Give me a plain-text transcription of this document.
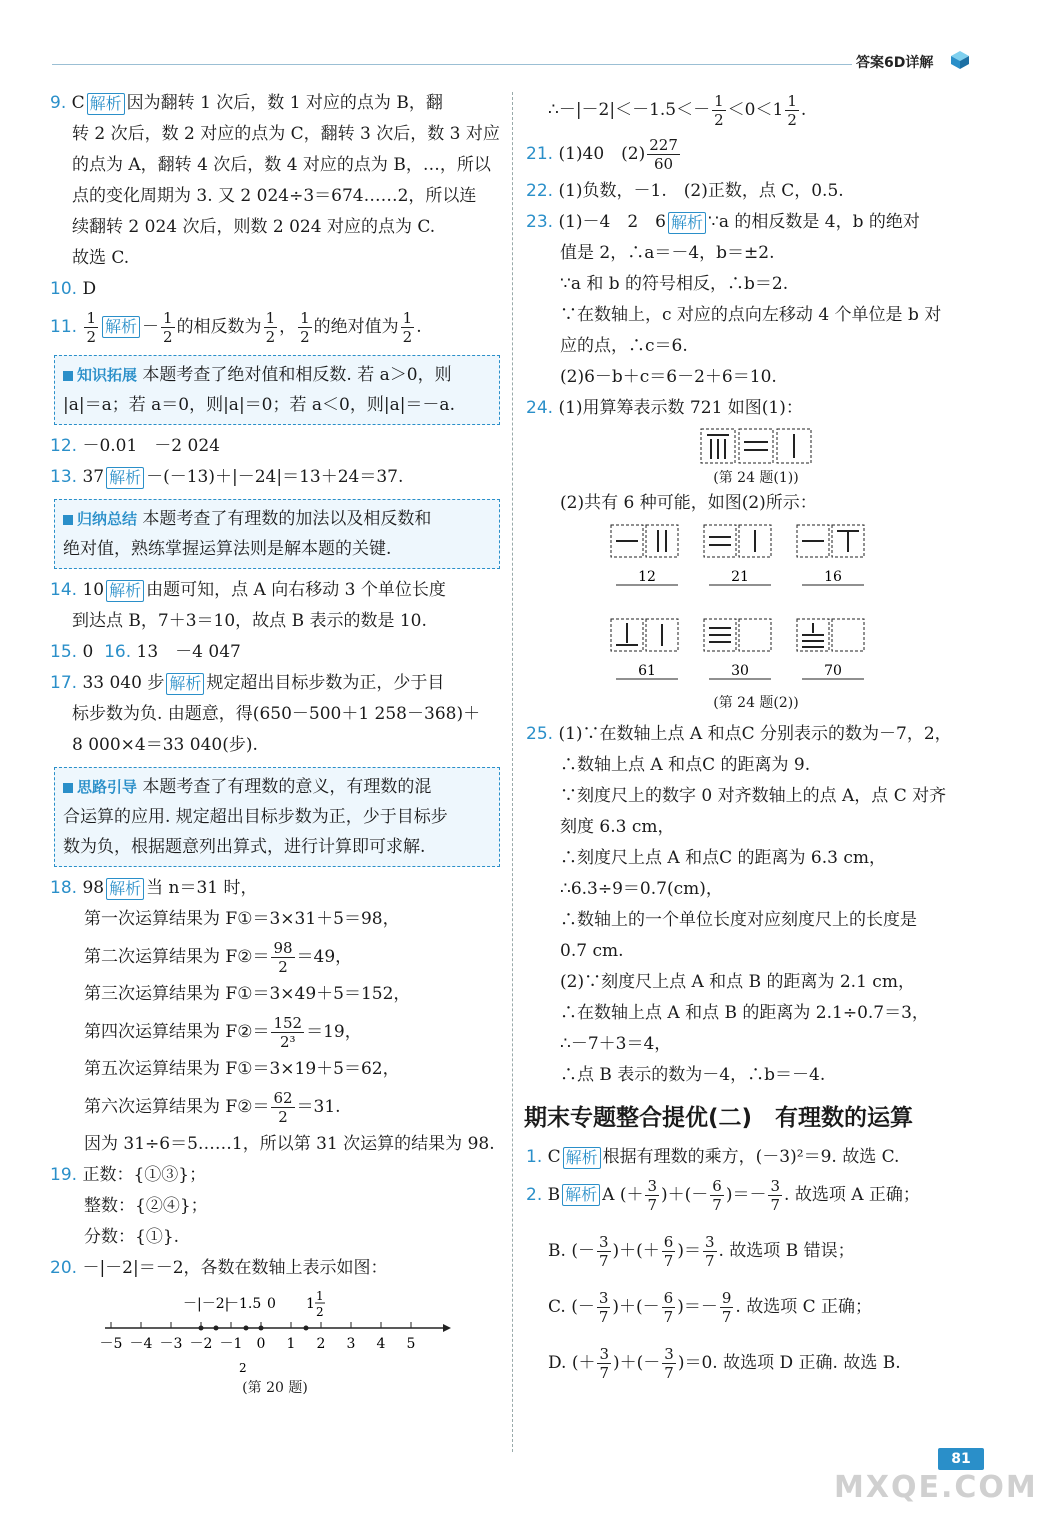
答案6D详解
9.
C 解析 因为翻转 1 次后，数 1 对应的点为 B，翻
转 2 次后，数 2 对应的点为 C，翻转 3 次后，数 3 对应
的点为 A，翻转 4 次后，数 4 对应的点为 B，…，所以
点的变化周期为 3. 又 2 024÷3＝674……2，所以连
续翻转 2 024 次后，则数 2 024 对应的点为 C.
故选 C.
10.
D
11.
$\frac{1}{2}$ 解析 － $\frac{1}{2}$ 的相反数为 $\frac{1}{2}$ ， $\frac{1}{2}$ 的绝对值为 $\frac{1}{2}$ .
知识拓展 本题考查了绝对值和相反数. 若 a＞0，则
|a|＝a；若 a＝0，则|a|＝0；若 a＜0，则|a|＝－a.
12.
－0.01　－2 024
13.
37 解析 －(－13)＋|－24|＝13＋24＝37.
归纳总结 本题考查了有理数的加法以及相反数和
绝对值，熟练掌握运算法则是解本题的关键.
14.
10 解析 由题可知，点 A 向右移动 3 个单位长度
到达点 B，7＋3＝10，故点 B 表示的数是 10.
15.
0
16.
13　－4 047
17.
33 040 步 解析 规定超出目标步数为正，少于目
标步数为负. 由题意，得(650－500＋1 258－368)＋
8 000×4＝33 040(步).
思路引导 本题考查了有理数的意义，有理数的混
合运算的应用. 规定超出目标步数为正，少于目标步
数为负，根据题意列出算式，进行计算即可求解.
18.
98 解析 当 n＝31 时，
第一次运算结果为 F①＝3×31＋5＝98，
第二次运算结果为 F②＝ $\frac{98}{2} =49$，
第三次运算结果为 F①＝3×49＋5＝152，
第四次运算结果为 F②＝ $\frac{152}{\text{2³}} =19$，
第五次运算结果为 F①＝3×19＋5＝62，
第六次运算结果为 F②＝ $\frac{62}{2} =31$.
因为 31÷6＝5……1，所以第 31 次运算的结果为 98.
19.
正数：{①③}；
整数：{②④}；
分数：{①}.
20.
－|－2|＝－2，各数在数轴上表示如图：
－5 －4 －3 －2 －1 0 1 2 3 4 5
－|－2|
－1.5 0 1 1
2
2
(第 20 题)
∴－|－2|＜－1.5＜－ $\frac{1}{2} <0<1 \frac{1}{2}$ .
21.
(1)40　$(2) \frac{227}{60}$
22.
(1)负数，－1.　(2)正数，点 C，0.5.
23.
(1)－4　2　6 解析 ∵a 的相反数是 4，b 的绝对
值是 2，∴a＝－4，b＝±2.
∵a 和 b 的符号相反，∴b＝2.
∵在数轴上，c 对应的点向左移动 4 个单位是 b 对
应的点，∴c＝6.
(2)6－b＋c＝6－2＋6＝10.
24.
(1)用算筹表示数 721 如图(1)：
(第 24 题(1))
(2)共有 6 种可能，如图(2)所示：
12	21	16
61	30	70
(第 24 题(2))
25.
(1)∵在数轴上点 A 和点C 分别表示的数为－7，2，
∴数轴上点 A 和点C 的距离为 9.
∵刻度尺上的数字 0 对齐数轴上的点 A，点 C 对齐
刻度 6.3 cm，
∴刻度尺上点 A 和点C 的距离为 6.3 cm，
∴6.3÷9＝0.7(cm)，
∴数轴上的一个单位长度对应刻度尺上的长度是
0.7 cm.
(2)∵刻度尺上点 A 和点 B 的距离为 2.1 cm，
∴在数轴上点 A 和点 B 的距离为 2.1÷0.7＝3，
∴－7＋3＝4，
∴点 B 表示的数为－4，∴b＝－4.
期末专题整合提优(二)　有理数的运算
1.
C 解析 根据有理数的乘方，(－3)²＝9. 故选 C.
2.
B 解析 A
(＋ $\frac{3}{7}$ )＋(－ $\frac{6}{7}$ )＝－ $\frac{3}{7}$ . 故选项 A 正确；
B.
(－ $\frac{3}{7}$ )＋(＋ $\frac{6}{7}$ )＝ $\frac{3}{7}$ . 故选项 B 错误；
C.
(－ $\frac{3}{7}$ )＋(－ $\frac{6}{7}$ )＝－ $\frac{9}{7}$ . 故选项 C 正确；
D.
(＋ $\frac{3}{7}$ )＋(－ $\frac{3}{7} )=0$ . 故选项 D 正确. 故选 B.
81
MXQE.COM
